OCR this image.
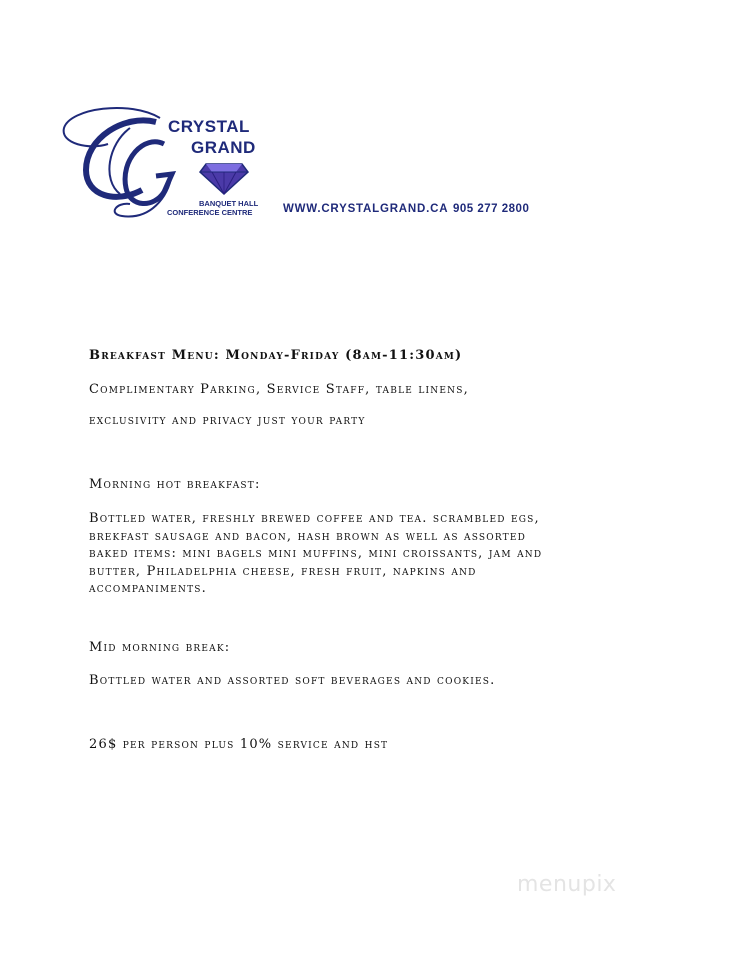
CRYSTAL
GRAND
BANQUET HALL
CONFERENCE CENTRE	WWW.CRYSTALGRAND.CA 905 277 2800

Breakfast Menu: Monday-Friday (8am-11:30am)

Complimentary Parking, Service Staff, table linens,

exclusivity and privacy just your party

Morning hot breakfast:

Bottled water, freshly brewed coffee and tea. scrambled egs,

brekfast sausage and bacon, hash brown as well as assorted

baked items: mini bagels mini muffins, mini croissants, jam and

butter, Philadelphia cheese, fresh fruit, napkins and

accompaniments.

Mid morning break:

Bottled water and assorted soft beverages and cookies.

26$ per person plus 10% service and hst

menupix
